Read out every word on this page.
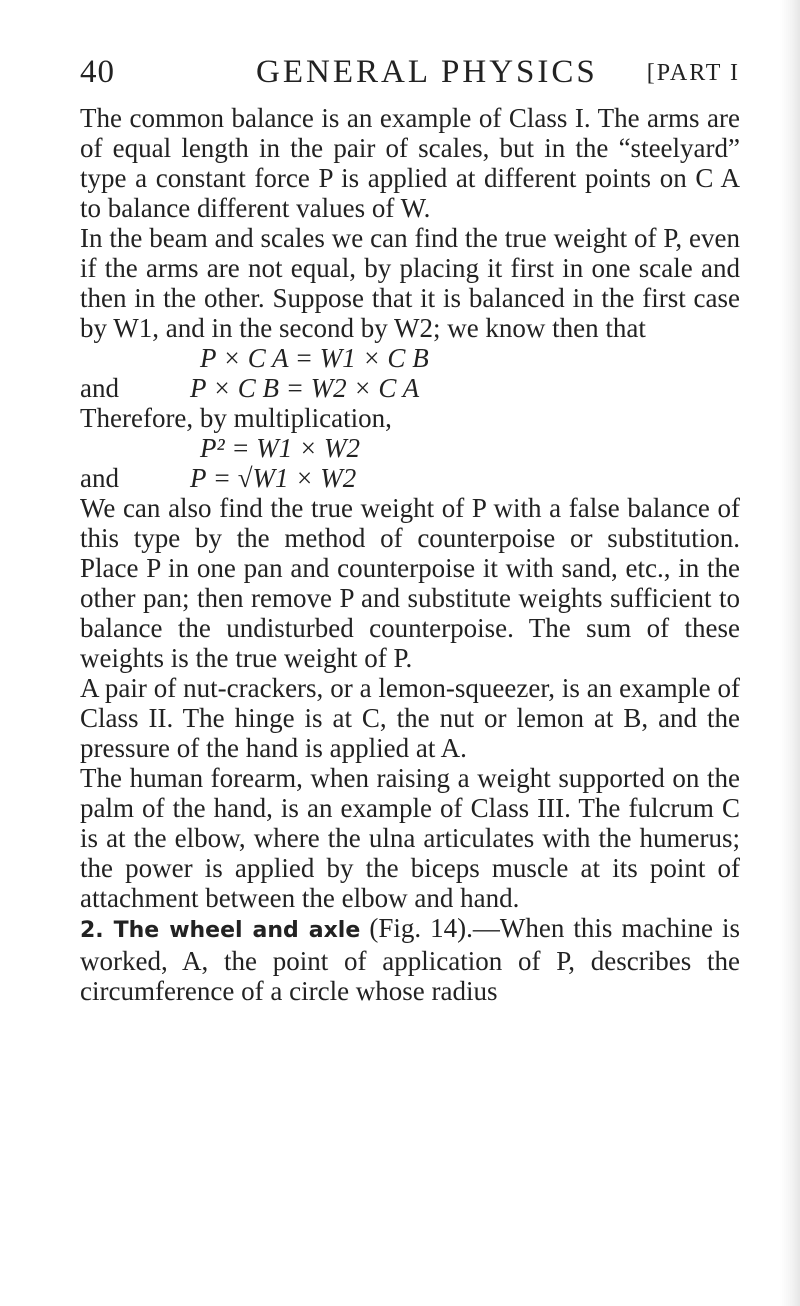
40	GENERAL PHYSICS [PART I

The common balance is an example of Class I. The arms are of equal length in the pair of scales, but in the “steelyard” type a constant force P is applied at different points on C A to balance different values of W.

In the beam and scales we can find the true weight of P, even if the arms are not equal, by placing it first in one scale and then in the other. Suppose that it is balanced in the first case by W1, and in the second by W2; we know then that

P × C A = W1 × C B

and	P × C B = W2 × C A

Therefore, by multiplication,

P² = W1 × W2

and	P = √W1 × W2

We can also find the true weight of P with a false balance of this type by the method of counterpoise or substitution. Place P in one pan and counterpoise it with sand, etc., in the other pan; then remove P and substitute weights sufficient to balance the undisturbed counterpoise. The sum of these weights is the true weight of P.

A pair of nut-crackers, or a lemon-squeezer, is an example of Class II. The hinge is at C, the nut or lemon at B, and the pressure of the hand is applied at A.

The human forearm, when raising a weight supported on the palm of the hand, is an example of Class III. The fulcrum C is at the elbow, where the ulna articulates with the humerus; the power is applied by the biceps muscle at its point of attachment between the elbow and hand.

2. The wheel and axle (Fig. 14).—When this machine is worked, A, the point of application of P, describes the circumference of a circle whose radius
